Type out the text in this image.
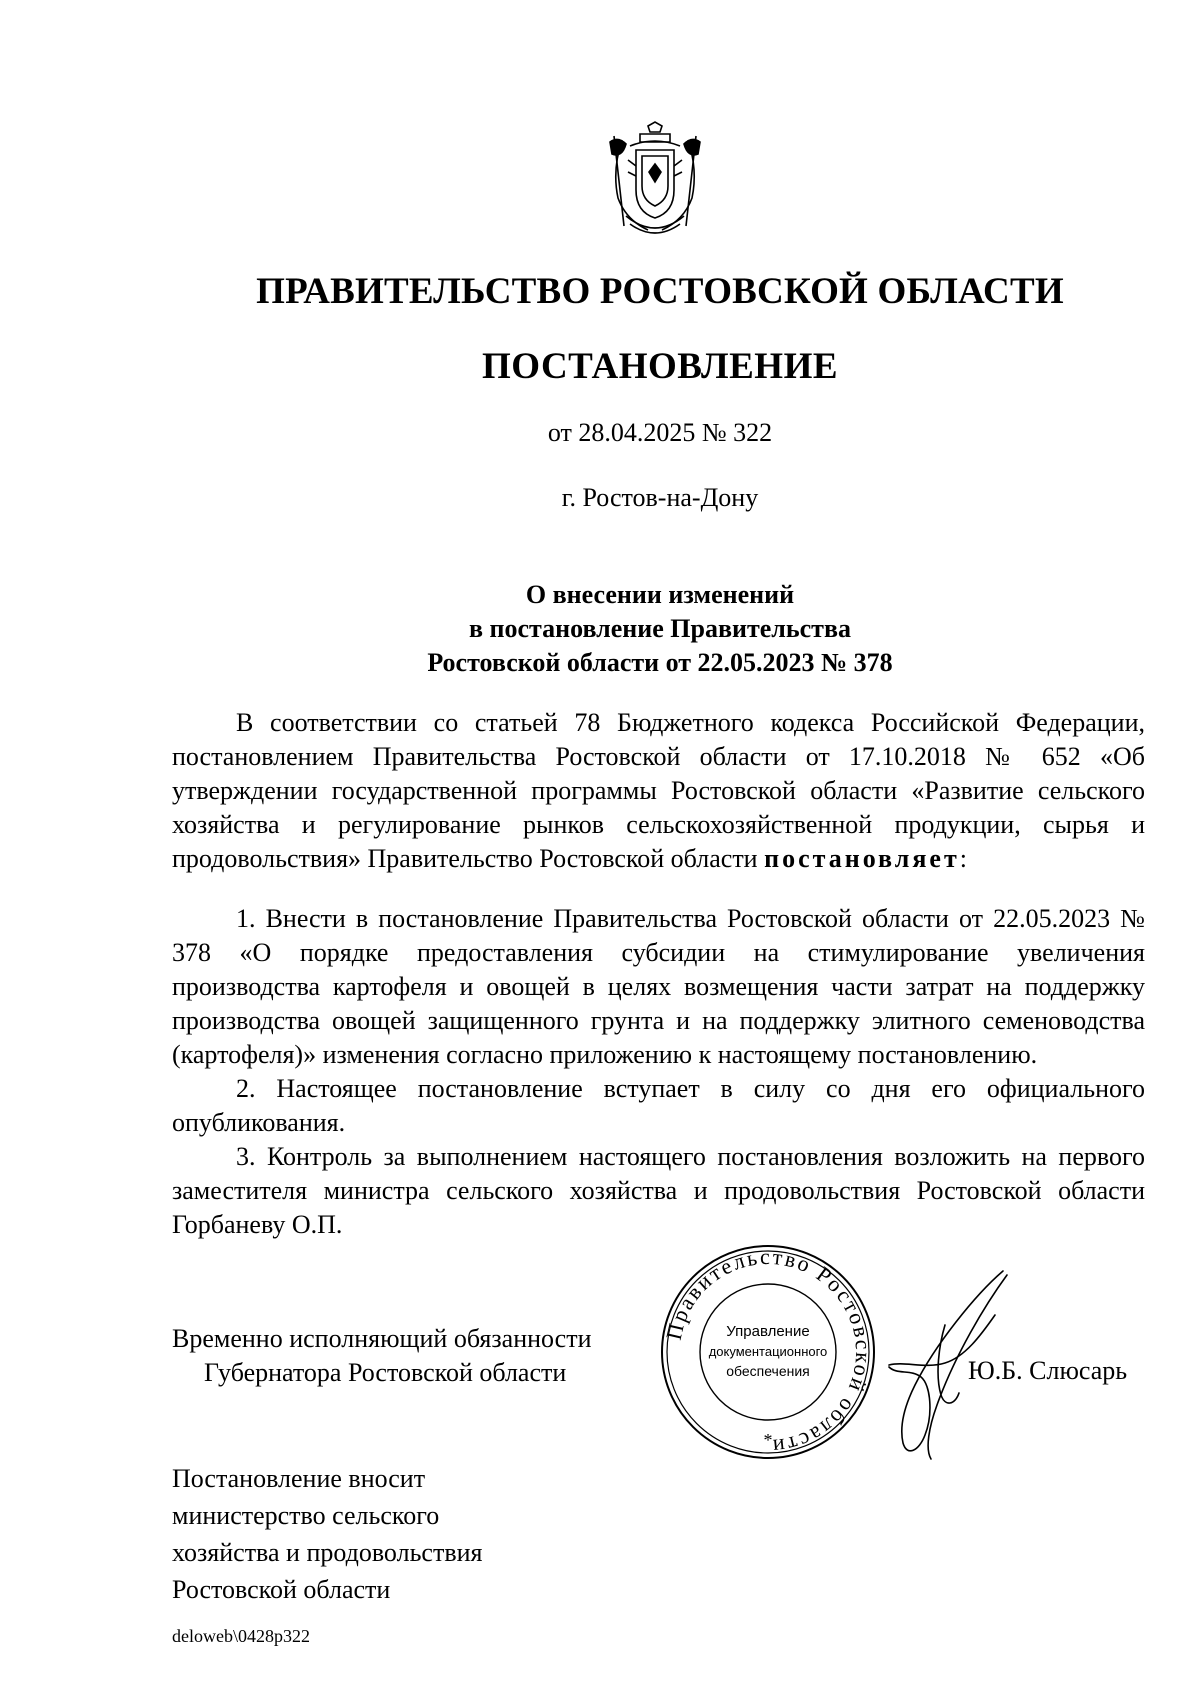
ПРАВИТЕЛЬСТВО РОСТОВСКОЙ ОБЛАСТИ
ПОСТАНОВЛЕНИЕ
от 28.04.2025 № 322
г. Ростов-на-Дону
О внесении изменений
в постановление Правительства
Ростовской области от 22.05.2023 № 378

В соответствии со статьей 78 Бюджетного кодекса Российской Федерации, постановлением Правительства Ростовской области от 17.10.2018 № 652 «Об утверждении государственной программы Ростовской области «Развитие сельского хозяйства и регулирование рынков сельскохозяйственной продукции, сырья и продовольствия» Правительство Ростовской области постановляет:

1. Внести в постановление Правительства Ростовской области от 22.05.2023 № 378 «О порядке предоставления субсидии на стимулирование увеличения производства картофеля и овощей в целях возмещения части затрат на поддержку производства овощей защищенного грунта и на поддержку элитного семеноводства (картофеля)» изменения согласно приложению к настоящему постановлению.

2. Настоящее постановление вступает в силу со дня его официального опубликования.

3. Контроль за выполнением настоящего постановления возложить на первого заместителя министра сельского хозяйства и продовольствия Ростовской области Горбаневу О.П.

Временно исполняющий обязанности
Губернатора Ростовской области
Правительство Ростовской области
Управление
документационного
обеспечения
*
Ю.Б. Слюсарь
Постановление вносит
министерство сельского
хозяйства и продовольствия
Ростовской области
deloweb\0428p322
